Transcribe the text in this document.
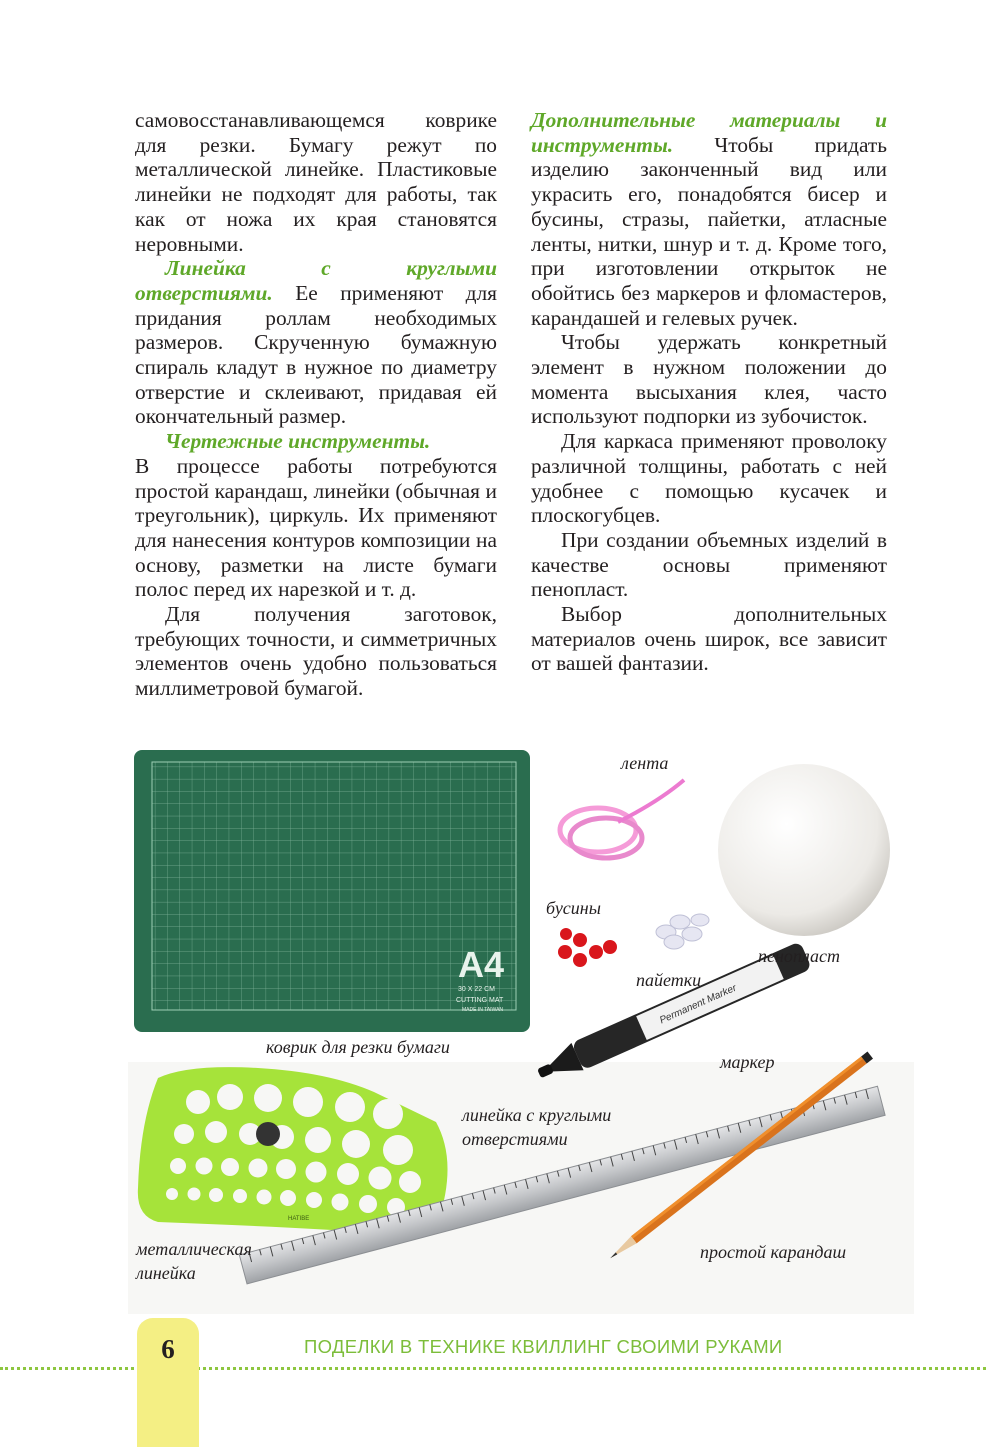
самовосстанавливающемся коврике для резки. Бумагу режут по металлической линейке. Пластиковые линейки не подходят для работы, так как от ножа их края становятся неровными.

Линейка с круглыми отверстиями. Ее применяют для придания роллам необходимых размеров. Скрученную бумажную спираль кладут в нужное по диаметру отверстие и склеивают, придавая ей окончательный размер.

Чертежные инструменты.

В процессе работы потребуются простой карандаш, линейки (обычная и треугольник), циркуль. Их применяют для нанесения контуров композиции на основу, разметки на листе бумаги полос перед их нарезкой и т. д.

Для получения заготовок, требующих точности, и симметричных элементов очень удобно пользоваться миллиметровой бумагой.

Дополнительные материалы и инструменты. Чтобы придать изделию законченный вид или украсить его, понадобятся бисер и бусины, стразы, пайетки, атласные ленты, нитки, шнур и т. д. Кроме того, при изготовлении открыток не обойтись без маркеров и фломастеров, карандашей и гелевых ручек.

Чтобы удержать конкретный элемент в нужном положении до момента высыхания клея, часто используют подпорки из зубочисток.

Для каркаса применяют проволоку различной толщины, работать с ней удобнее с помощью кусачек и плоскогубцев.

При создании объемных изделий в качестве основы применяют пенопласт.

Выбор дополнительных материалов очень широк, все зависит от вашей фантазии.

A4
30 X 22 CM
CUTTING MAT
MADE IN TAIWAN	Permanent Marker
HATIBE
лента
бусины
пенопласт
пайетки
коврик для резки бумаги
маркер
линейка с круглыми
отверстиями
металлическая
линейка
простой карандаш
6	ПОДЕЛКИ В ТЕХНИКЕ КВИЛЛИНГ СВОИМИ РУКАМИ
